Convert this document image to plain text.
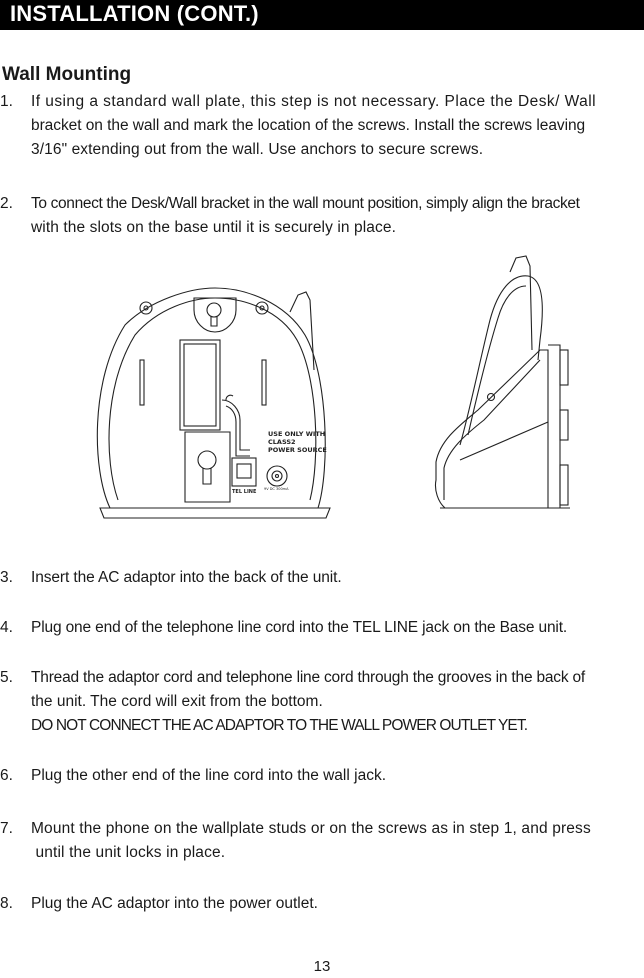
INSTALLATION (CONT.)
Wall Mounting
1. If using a standard wall plate, this step is not necessary. Place the Desk/ Wall
bracket on the wall and mark the location of the screws. Install the screws leaving
3/16" extending out from the wall. Use anchors to secure screws.
2. To connect the Desk/Wall bracket in the wall mount position, simply align the bracket
with the slots on the base until it is securely in place.
USE ONLY WITH
CLASS2
POWER SOURCE
TEL LINE 9V DC 300mA
3. Insert the AC adaptor into the back of the unit.
4. Plug one end of the telephone line cord into the TEL LINE jack on the Base unit.
5. Thread the adaptor cord and telephone line cord through the grooves in the back of
the unit. The cord will exit from the bottom.
DO NOT CONNECT THE AC ADAPTOR TO THE WALL POWER OUTLET YET.
6. Plug the other end of the line cord into the wall jack.
7. Mount the phone on the wallplate studs or on the screws as in step 1, and press
until the unit locks in place.
8. Plug the AC adaptor into the power outlet.
13
